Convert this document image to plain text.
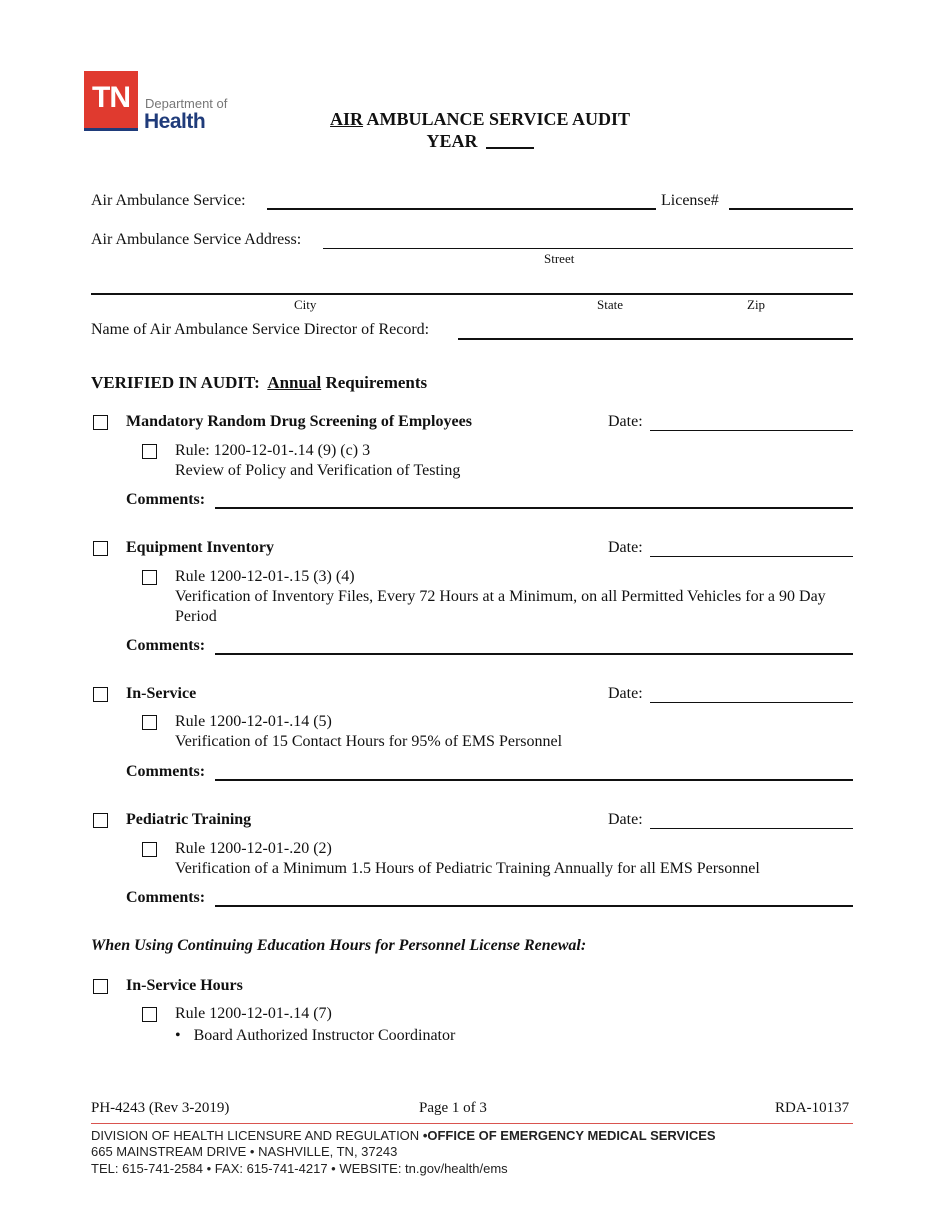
TN Department of
Health	AIR AMBULANCE SERVICE AUDIT
YEAR
Air Ambulance Service:	License#
Air Ambulance Service Address:
Street
City	State	Zip
Name of Air Ambulance Service Director of Record:
VERIFIED IN AUDIT: Annual Requirements
Mandatory Random Drug Screening of Employees	Date:
Rule: 1200-12-01-.14 (9) (c) 3
Review of Policy and Verification of Testing
Comments:
Equipment Inventory	Date:
Rule 1200-12-01-.15 (3) (4)
Verification of Inventory Files, Every 72 Hours at a Minimum, on all Permitted Vehicles for a 90 Day
Period
Comments:
In-Service	Date:
Rule 1200-12-01-.14 (5)
Verification of 15 Contact Hours for 95% of EMS Personnel
Comments:
Pediatric Training	Date:
Rule 1200-12-01-.20 (2)
Verification of a Minimum 1.5 Hours of Pediatric Training Annually for all EMS Personnel
Comments:
When Using Continuing Education Hours for Personnel License Renewal:
In-Service Hours
Rule 1200-12-01-.14 (7)
• Board Authorized Instructor Coordinator
PH-4243 (Rev 3-2019)	Page 1 of 3	RDA-10137
DIVISION OF HEALTH LICENSURE AND REGULATION •OFFICE OF EMERGENCY MEDICAL SERVICES
665 MAINSTREAM DRIVE • NASHVILLE, TN, 37243
TEL: 615-741-2584 • FAX: 615-741-4217 • WEBSITE: tn.gov/health/ems
